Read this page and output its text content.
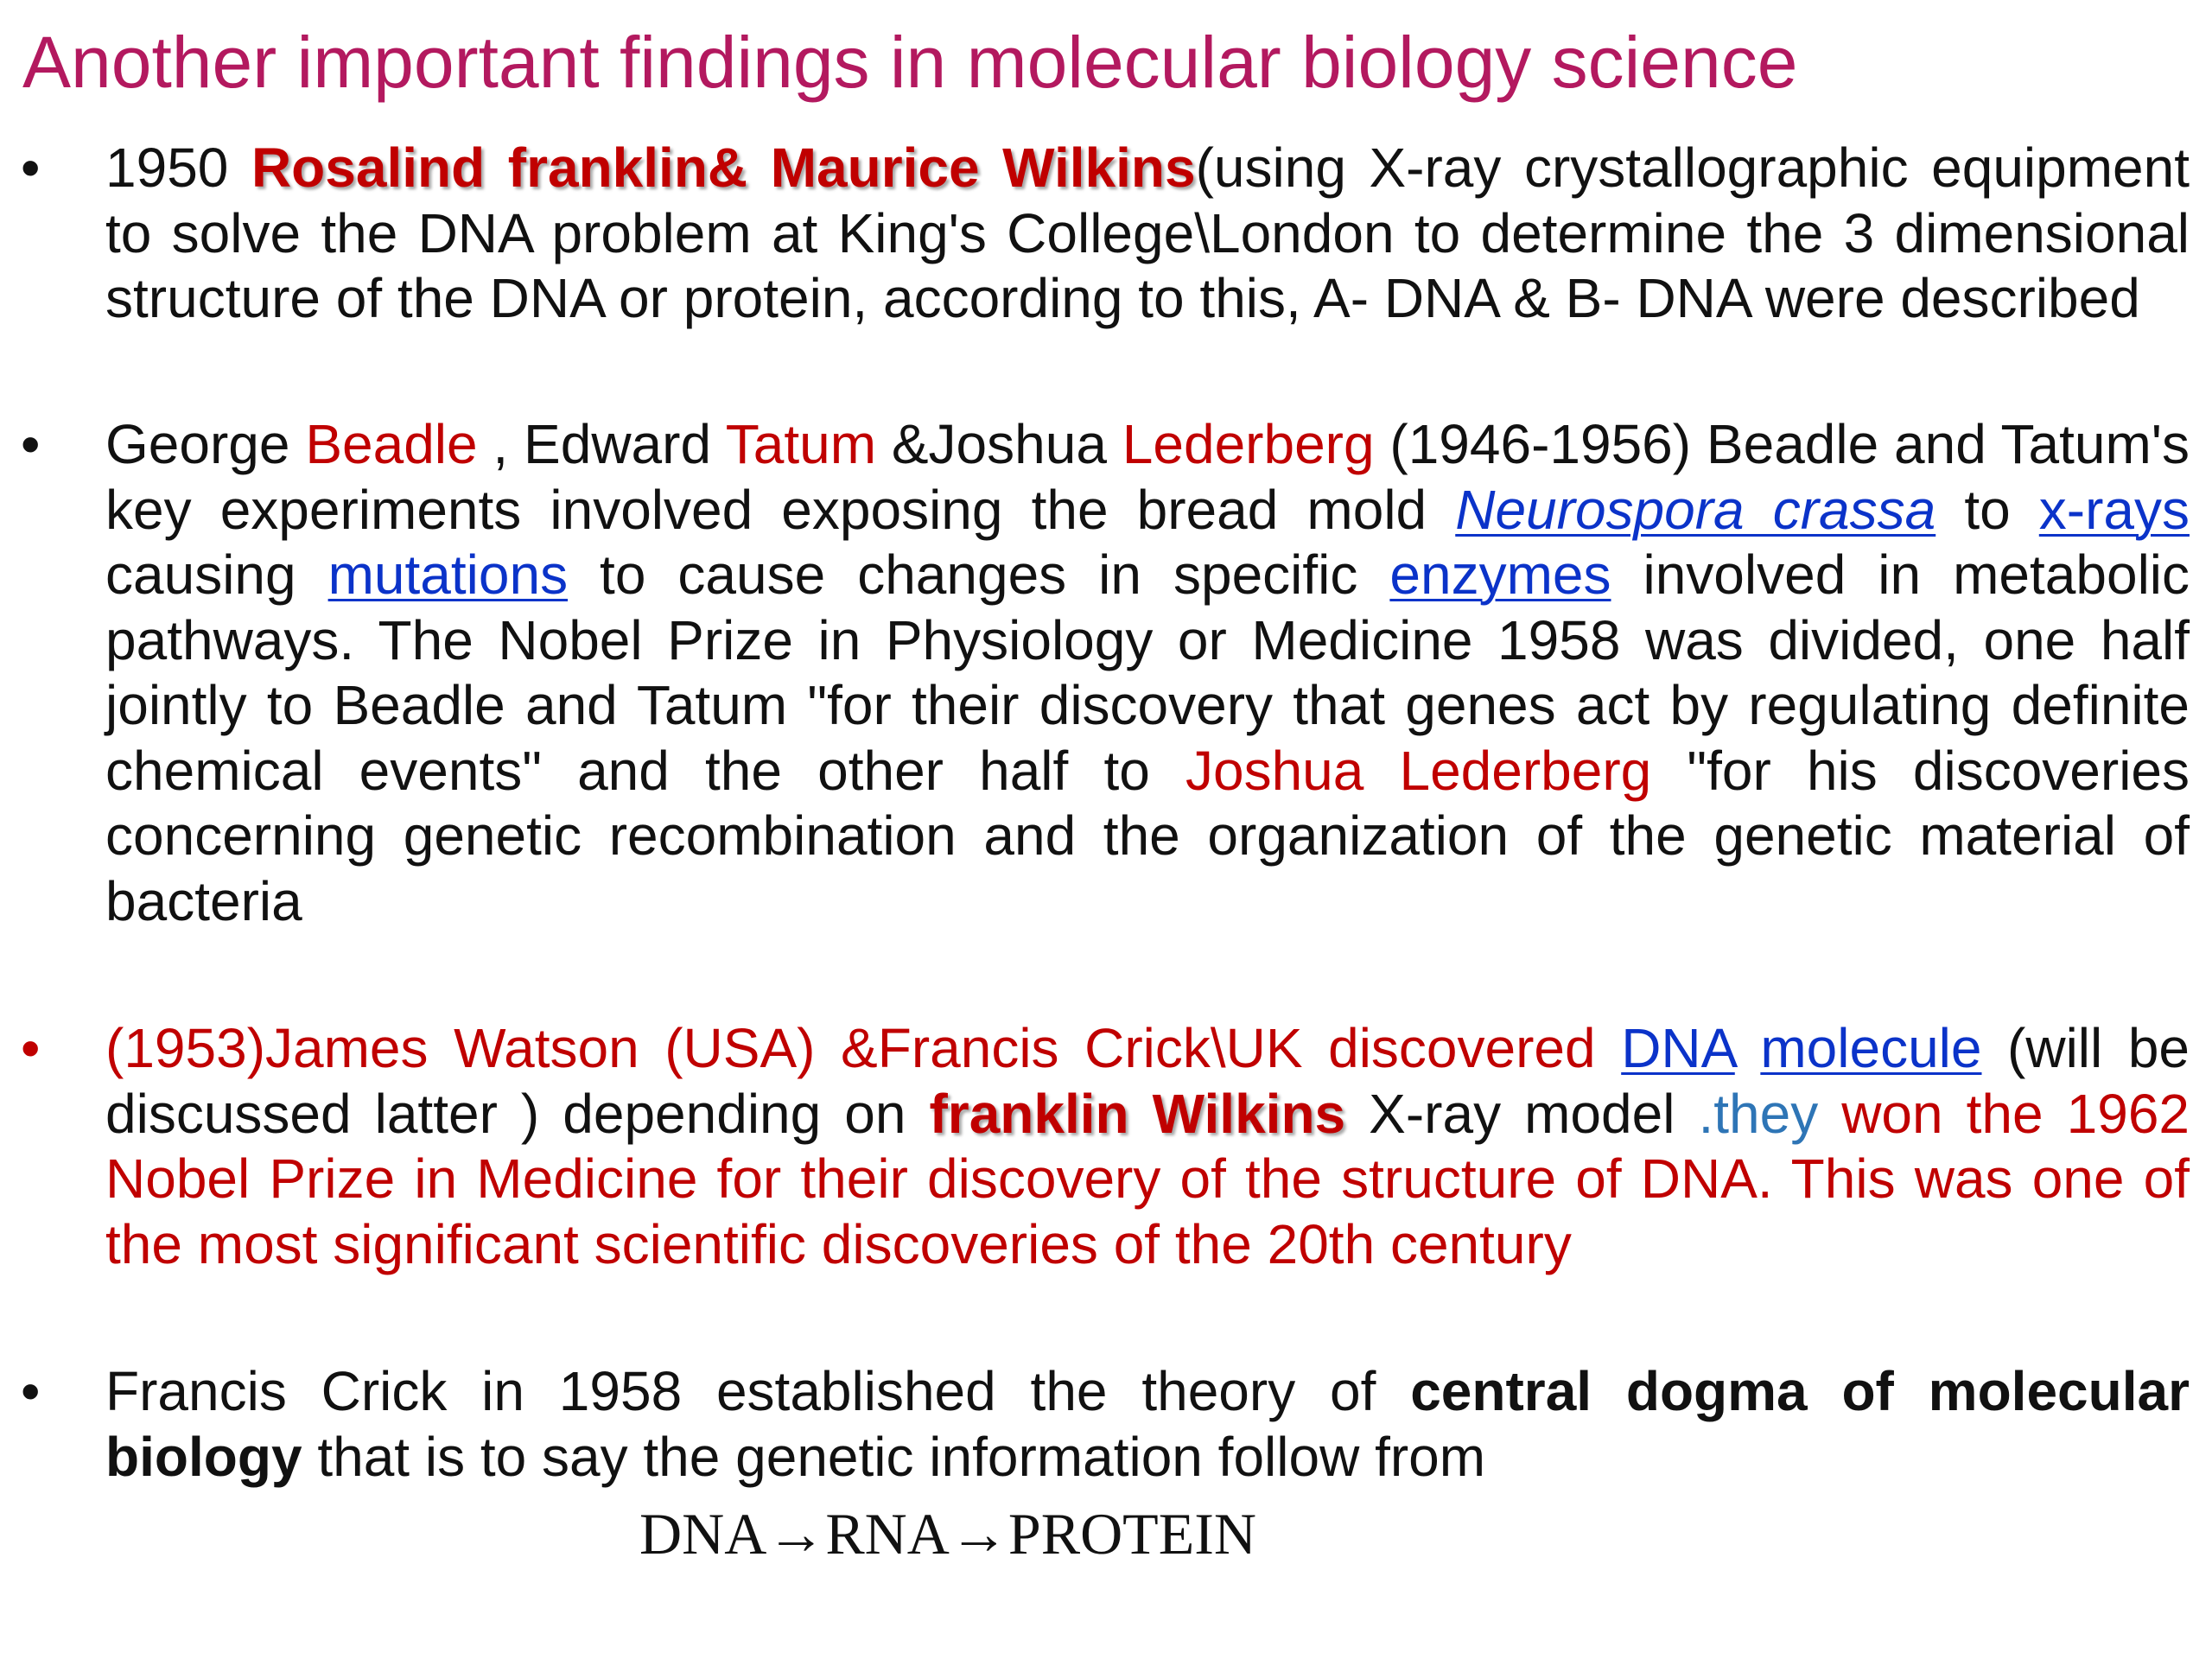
Another important findings in molecular biology science
• 1950 Rosalind franklin& Maurice Wilkins(using X-ray crystallographic equipment to solve the DNA problem at King's College\London to determine the 3 dimensional structure of the DNA or protein, according to this, A- DNA & B- DNA were described
• George Beadle , Edward Tatum &Joshua Lederberg (1946-1956) Beadle and Tatum's key experiments involved exposing the bread mold Neurospora crassa to x-rays causing mutations to cause changes in specific enzymes involved in metabolic pathways. The Nobel Prize in Physiology or Medicine 1958 was divided, one half jointly to Beadle and Tatum "for their discovery that genes act by regulating definite chemical events" and the other half to Joshua Lederberg "for his discoveries concerning genetic recombination and the organization of the genetic material of bacteria
• (1953)James Watson (USA) &Francis Crick\UK discovered DNA molecule (will be discussed latter ) depending on franklin Wilkins X-ray model .they won the 1962 Nobel Prize in Medicine for their discovery of the structure of DNA. This was one of the most significant scientific discoveries of the 20th century
• Francis Crick in 1958 established the theory of central dogma of molecular biology that is to say the genetic information follow from
DNA→RNA→PROTEIN
